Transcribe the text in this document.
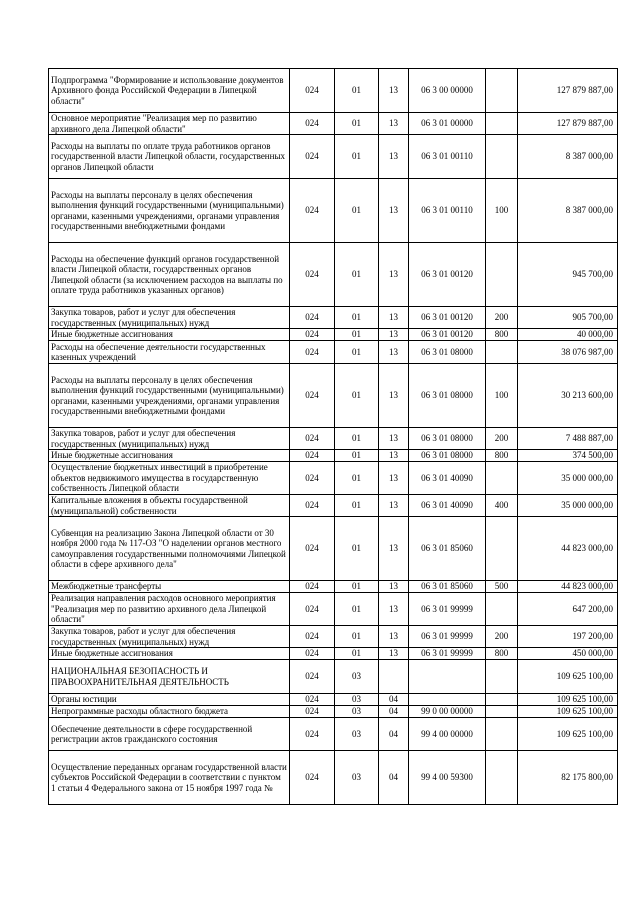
Подпрограмма "Формирование и использование документов Архивного фонда Российской Федерации в Липецкой области"	024	01	13	06 3 00 00000		127 879 887,00
Основное мероприятие "Реализация мер по развитию архивного дела Липецкой области"	024	01	13	06 3 01 00000		127 879 887,00
Расходы на выплаты по оплате труда работников органов государственной власти Липецкой области, государственных органов Липецкой области	024	01	13	06 3 01 00110		8 387 000,00
Расходы на выплаты персоналу в целях обеспечения выполнения функций государственными (муниципальными) органами, казенными учреждениями, органами управления государственными внебюджетными фондами	024	01	13	06 3 01 00110	100	8 387 000,00
Расходы на обеспечение функций органов государственной власти Липецкой области, государственных органов Липецкой области (за исключением расходов на выплаты по оплате труда работников указанных органов)	024	01	13	06 3 01 00120		945 700,00
Закупка товаров, работ и услуг для обеспечения государственных (муниципальных) нужд	024	01	13	06 3 01 00120	200	905 700,00
Иные бюджетные ассигнования	024	01	13	06 3 01 00120	800	40 000,00
Расходы на обеспечение деятельности государственных казенных учреждений	024	01	13	06 3 01 08000		38 076 987,00
Расходы на выплаты персоналу в целях обеспечения выполнения функций государственными (муниципальными) органами, казенными учреждениями, органами управления государственными внебюджетными фондами	024	01	13	06 3 01 08000	100	30 213 600,00
Закупка товаров, работ и услуг для обеспечения государственных (муниципальных) нужд	024	01	13	06 3 01 08000	200	7 488 887,00
Иные бюджетные ассигнования	024	01	13	06 3 01 08000	800	374 500,00
Осуществление бюджетных инвестиций в приобретение объектов недвижимого имущества в государственную собственность Липецкой области	024	01	13	06 3 01 40090		35 000 000,00
Капитальные вложения в объекты государственной (муниципальной) собственности	024	01	13	06 3 01 40090	400	35 000 000,00
Субвенция на реализацию Закона Липецкой области от 30 ноября 2000 года № 117-ОЗ "О наделении органов местного самоуправления государственными полномочиями Липецкой области в сфере архивного дела"	024	01	13	06 3 01 85060		44 823 000,00
Межбюджетные трансферты	024	01	13	06 3 01 85060	500	44 823 000,00
Реализация направления расходов основного мероприятия "Реализация мер по развитию архивного дела Липецкой области"	024	01	13	06 3 01 99999		647 200,00
Закупка товаров, работ и услуг для обеспечения государственных (муниципальных) нужд	024	01	13	06 3 01 99999	200	197 200,00
Иные бюджетные ассигнования	024	01	13	06 3 01 99999	800	450 000,00
НАЦИОНАЛЬНАЯ БЕЗОПАСНОСТЬ И ПРАВООХРАНИТЕЛЬНАЯ ДЕЯТЕЛЬНОСТЬ	024	03				109 625 100,00
Органы юстиции	024	03	04			109 625 100,00
Непрограммные расходы областного бюджета	024	03	04	99 0 00 00000		109 625 100,00
Обеспечение деятельности в сфере государственной регистрации актов гражданского состояния	024	03	04	99 4 00 00000		109 625 100,00
Осуществление переданных органам государственной власти субъектов Российской Федерации в соответствии с пунктом 1 статьи 4 Федерального закона от 15 ноября 1997 года №	024	03	04	99 4 00 59300		82 175 800,00
